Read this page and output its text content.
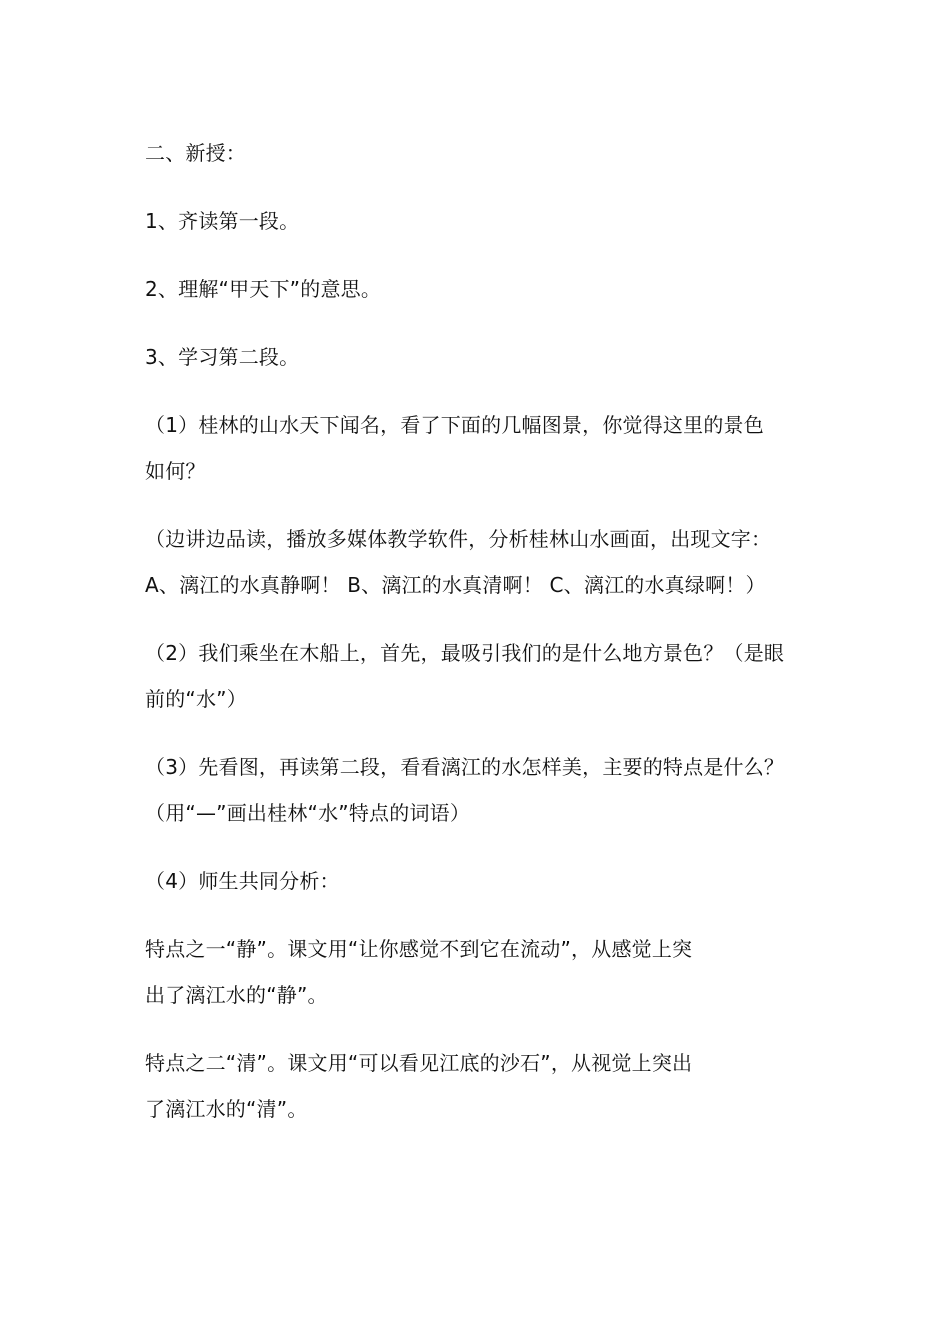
二、新授：
1、齐读第一段。
2、理解“甲天下”的意思。
3、学习第二段。
（1）桂林的山水天下闻名，看了下面的几幅图景，你觉得这里的景色
如何？
（边讲边品读，播放多媒体教学软件，分析桂林山水画面，出现文字：
A、漓江的水真静啊！ B、漓江的水真清啊！ C、漓江的水真绿啊！）
（2）我们乘坐在木船上，首先，最吸引我们的是什么地方景色？（是眼
前的“水”）
（3）先看图，再读第二段，看看漓江的水怎样美，主要的特点是什么？
（用“—”画出桂林“水”特点的词语）
（4）师生共同分析：
特点之一“静”。课文用“让你感觉不到它在流动”，从感觉上突
出了漓江水的“静”。
特点之二“清”。课文用“可以看见江底的沙石”，从视觉上突出
了漓江水的“清”。
